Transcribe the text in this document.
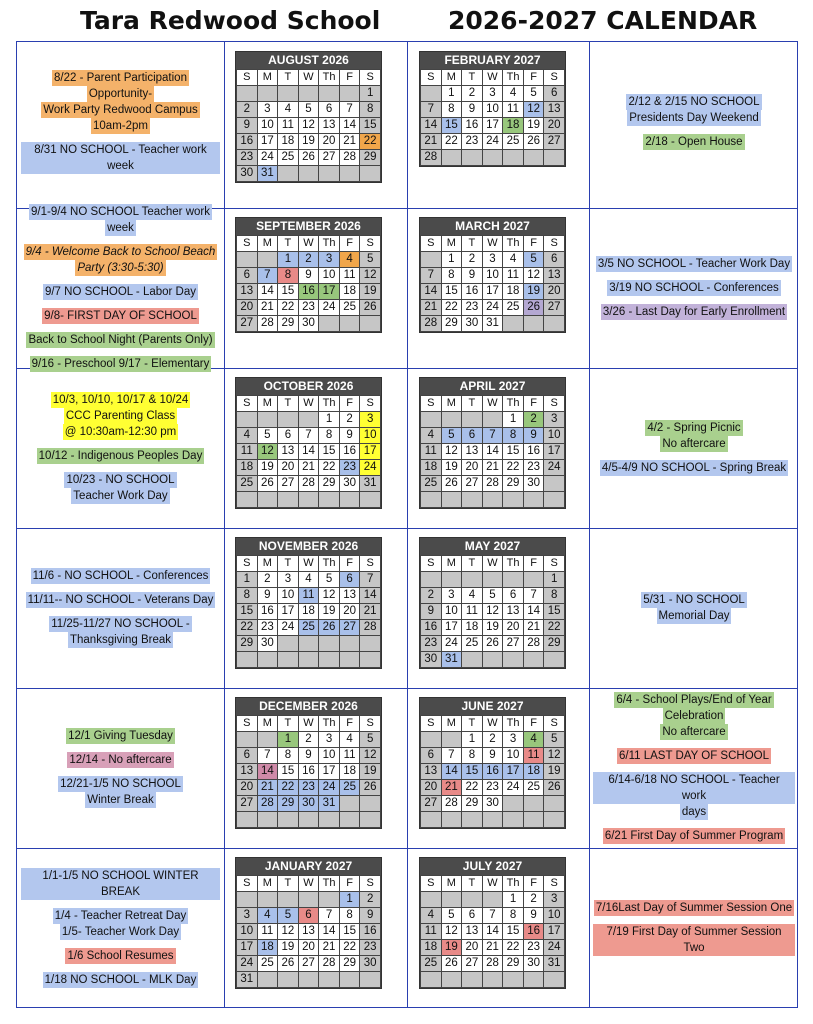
Tara Redwood School	2026-2027 CALENDAR
8/22 - Parent Participation
Opportunity-
Work Party Redwood Campus
10am-2pm
8/31 NO SCHOOL - Teacher work week
2/12 & 2/15 NO SCHOOL
Presidents Day Weekend
2/18 - Open House
9/1-9/4 NO SCHOOL Teacher work
week
9/4 - Welcome Back to School Beach
Party (3:30-5:30)
9/7 NO SCHOOL - Labor Day
9/8- FIRST DAY OF SCHOOL
Back to School Night (Parents Only)
9/16 - Preschool 9/17 - Elementary
3/5 NO SCHOOL - Teacher Work Day
3/19 NO SCHOOL - Conferences
3/26 - Last Day for Early Enrollment
10/3, 10/10, 10/17 & 10/24
CCC Parenting Class
@ 10:30am-12:30 pm
10/12 - Indigenous Peoples Day
10/23 - NO SCHOOL
Teacher Work Day
4/2 - Spring Picnic
No aftercare
4/5-4/9 NO SCHOOL - Spring Break
11/6 - NO SCHOOL - Conferences
11/11-- NO SCHOOL - Veterans Day
11/25-11/27 NO SCHOOL -
Thanksgiving Break
5/31 - NO SCHOOL
Memorial Day
12/1 Giving Tuesday
12/14 - No aftercare
12/21-1/5 NO SCHOOL
Winter Break
6/4 - School Plays/End of Year
Celebration
No aftercare
6/11 LAST DAY OF SCHOOL
6/14-6/18 NO SCHOOL - Teacher work
days
6/21 First Day of Summer Program
1/1-1/5 NO SCHOOL WINTER BREAK
1/4 - Teacher Retreat Day
1/5- Teacher Work Day
1/6 School Resumes
1/18 NO SCHOOL - MLK Day
7/16Last Day of Summer Session One
7/19 First Day of Summer Session Two
AUGUST 2026
S	M	T	W	Th	F	S
						1
2	3	4	5	6	7	8
9	10	11	12	13	14	15
16	17	18	19	20	21	22
23	24	25	26	27	28	29
30	31					
FEBRUARY 2027
S	M	T	W	Th	F	S
	1	2	3	4	5	6
7	8	9	10	11	12	13
14	15	16	17	18	19	20
21	22	23	24	25	26	27
28						
SEPTEMBER 2026
S	M	T	W	Th	F	S
		1	2	3	4	5
6	7	8	9	10	11	12
13	14	15	16	17	18	19
20	21	22	23	24	25	26
27	28	29	30			
MARCH 2027
S	M	T	W	Th	F	S
	1	2	3	4	5	6
7	8	9	10	11	12	13
14	15	16	17	18	19	20
21	22	23	24	25	26	27
28	29	30	31			
OCTOBER 2026
S	M	T	W	Th	F	S
				1	2	3
4	5	6	7	8	9	10
11	12	13	14	15	16	17
18	19	20	21	22	23	24
25	26	27	28	29	30	31

APRIL 2027
S	M	T	W	Th	F	S
				1	2	3
4	5	6	7	8	9	10
11	12	13	14	15	16	17
18	19	20	21	22	23	24
25	26	27	28	29	30	

NOVEMBER 2026
S	M	T	W	Th	F	S
1	2	3	4	5	6	7
8	9	10	11	12	13	14
15	16	17	18	19	20	21
22	23	24	25	26	27	28
29	30					

MAY 2027
S	M	T	W	Th	F	S
						1
2	3	4	5	6	7	8
9	10	11	12	13	14	15
16	17	18	19	20	21	22
23	24	25	26	27	28	29
30	31					
DECEMBER 2026
S	M	T	W	Th	F	S
		1	2	3	4	5
6	7	8	9	10	11	12
13	14	15	16	17	18	19
20	21	22	23	24	25	26
27	28	29	30	31		

JUNE 2027
S	M	T	W	Th	F	S
		1	2	3	4	5
6	7	8	9	10	11	12
13	14	15	16	17	18	19
20	21	22	23	24	25	26
27	28	29	30			

JANUARY 2027
S	M	T	W	Th	F	S
					1	2
3	4	5	6	7	8	9
10	11	12	13	14	15	16
17	18	19	20	21	22	23
24	25	26	27	28	29	30
31						
JULY 2027
S	M	T	W	Th	F	S
				1	2	3
4	5	6	7	8	9	10
11	12	13	14	15	16	17
18	19	20	21	22	23	24
25	26	27	28	29	30	31
